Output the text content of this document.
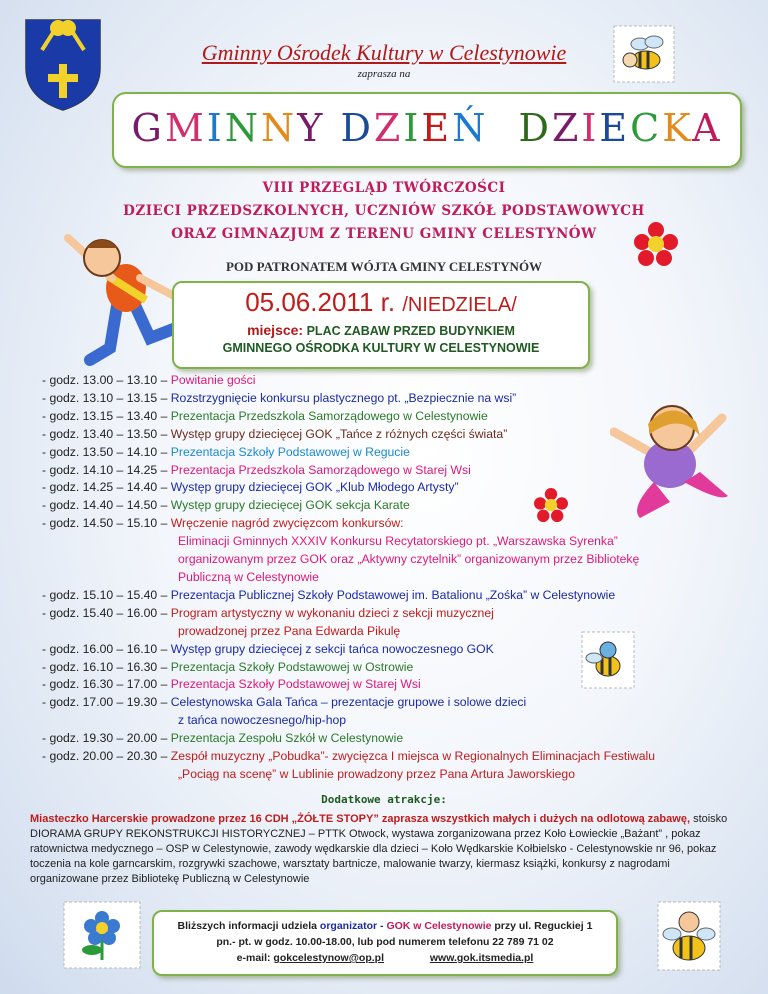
Gminny Ośrodek Kultury w Celestynowie
zaprasza na
GMINNY DZIEŃ DZIECKA
VIII PRZEGLĄD TWÓRCZOŚCI
DZIECI PRZEDSZKOLNYCH, UCZNIÓW SZKÓŁ PODSTAWOWYCH
ORAZ GIMNAZJUM Z TERENU GMINY CELESTYNÓW
POD PATRONATEM WÓJTA GMINY CELESTYNÓW
05.06.2011 r. /NIEDZIELA/
miejsce: PLAC ZABAW PRZED BUDYNKIEM
GMINNEGO OŚRODKA KULTURY W CELESTYNOWIE
- godz. 13.00 – 13.10 – Powitanie gości
- godz. 13.10 – 13.15 – Rozstrzygnięcie konkursu plastycznego pt. „Bezpiecznie na wsi”
- godz. 13.15 – 13.40 – Prezentacja Przedszkola Samorządowego w Celestynowie
- godz. 13.40 – 13.50 – Występ grupy dziecięcej GOK „Tańce z różnych części świata”
- godz. 13.50 – 14.10 – Prezentacja Szkoły Podstawowej w Regucie
- godz. 14.10 – 14.25 – Prezentacja Przedszkola Samorządowego w Starej Wsi
- godz. 14.25 – 14.40 – Występ grupy dziecięcej GOK „Klub Młodego Artysty”
- godz. 14.40 – 14.50 – Występ grupy dziecięcej GOK sekcja Karate
- godz. 14.50 – 15.10 – Wręczenie nagród zwycięzcom konkursów:
Eliminacji Gminnych XXXIV Konkursu Recytatorskiego pt. „Warszawska Syrenka”
organizowanym przez GOK oraz „Aktywny czytelnik” organizowanym przez Bibliotekę
Publiczną w Celestynowie
- godz. 15.10 – 15.40 – Prezentacja Publicznej Szkoły Podstawowej im. Batalionu „Zośka” w Celestynowie
- godz. 15.40 – 16.00 – Program artystyczny w wykonaniu dzieci z sekcji muzycznej
prowadzonej przez Pana Edwarda Pikulę
- godz. 16.00 – 16.10 – Występ grupy dziecięcej z sekcji tańca nowoczesnego GOK
- godz. 16.10 – 16.30 – Prezentacja Szkoły Podstawowej w Ostrowie
- godz. 16.30 – 17.00 – Prezentacja Szkoły Podstawowej w Starej Wsi
- godz. 17.00 – 19.30 – Celestynowska Gala Tańca – prezentacje grupowe i solowe dzieci
z tańca nowoczesnego/hip-hop
- godz. 19.30 – 20.00 – Prezentacja Zespołu Szkół w Celestynowie
- godz. 20.00 – 20.30 – Zespół muzyczny „Pobudka”- zwycięzca I miejsca w Regionalnych Eliminacjach Festiwalu
„Pociąg na scenę” w Lublinie prowadzony przez Pana Artura Jaworskiego
Dodatkowe atrakcje:
Miasteczko Harcerskie prowadzone przez 16 CDH „ŻÓŁTE STOPY” zaprasza wszystkich małych i dużych na odlotową zabawę, stoisko DIORAMA GRUPY REKONSTRUKCJI HISTORYCZNEJ – PTTK Otwock, wystawa zorganizowana przez Koło Łowieckie „Bażant” , pokaz ratownictwa medycznego – OSP w Celestynowie, zawody wędkarskie dla dzieci – Koło Wędkarskie Kołbielsko - Celestynowskie nr 96, pokaz toczenia na kole garncarskim, rozgrywki szachowe, warsztaty bartnicze, malowanie twarzy, kiermasz książki, konkursy z nagrodami organizowane przez Bibliotekę Publiczną w Celestynowie
Bliższych informacji udziela organizator - GOK w Celestynowie przy ul. Reguckiej 1
pn.- pt. w godz. 10.00-18.00, lub pod numerem telefonu 22 789 71 02
e-mail: gokcelestynow@op.pl	www.gok.itsmedia.pl
